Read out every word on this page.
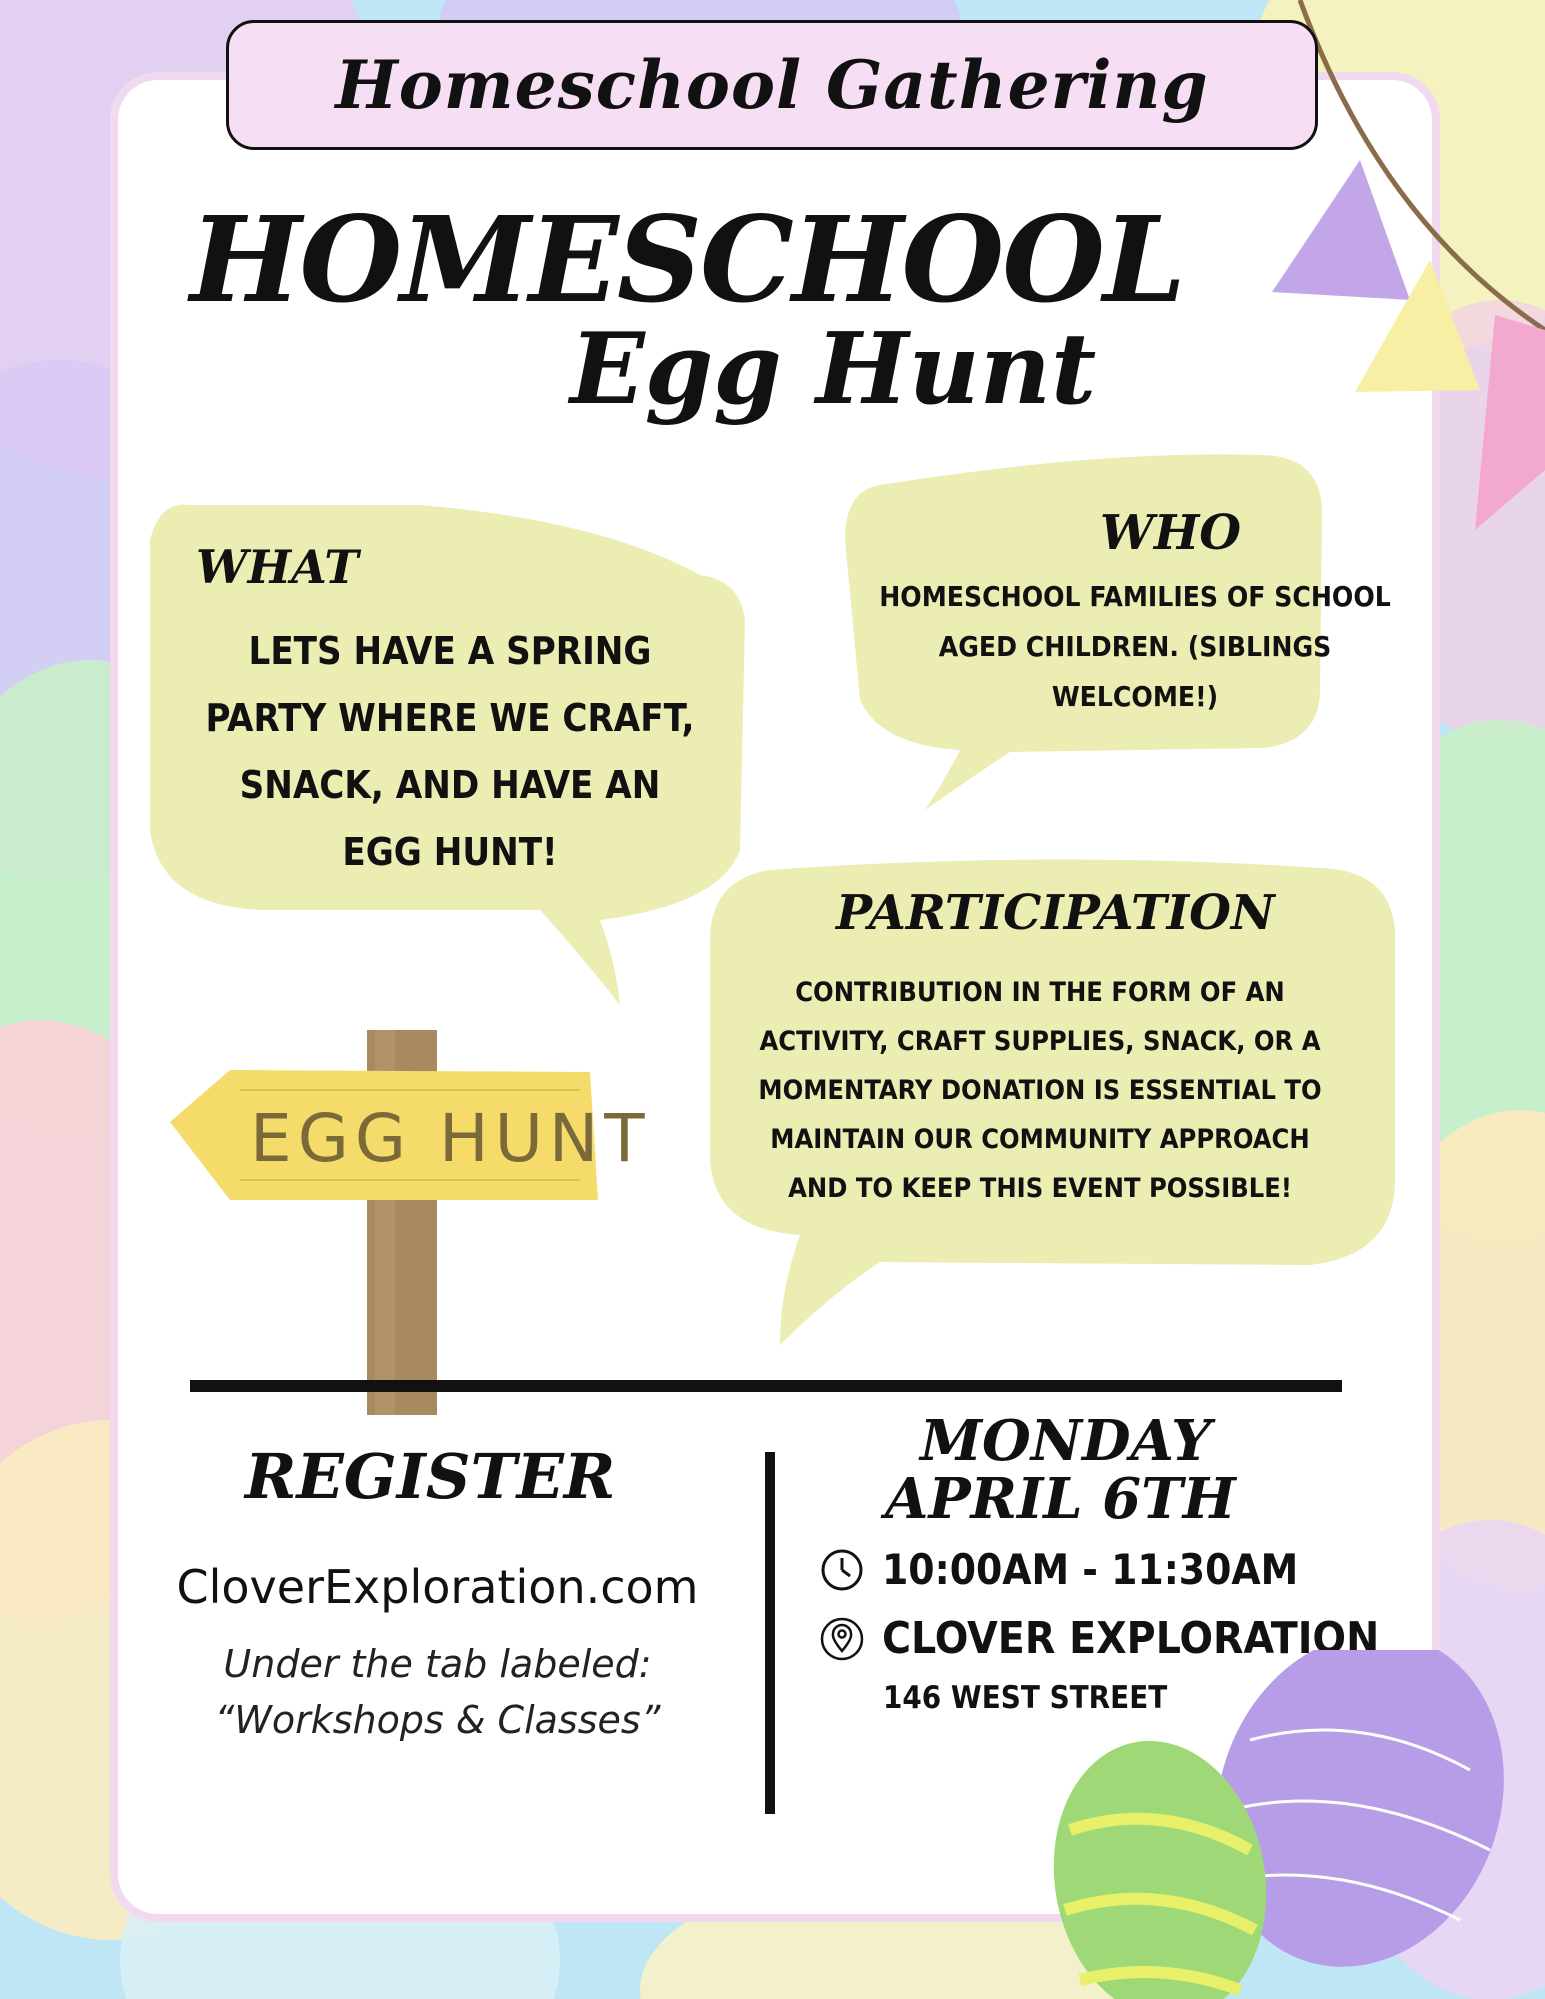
Homeschool Gathering
HOMESCHOOL
Egg Hunt
WHAT
LETS HAVE A SPRING PARTY WHERE WE CRAFT, SNACK, AND HAVE AN EGG HUNT!
WHO
HOMESCHOOL FAMILIES OF SCHOOL AGED CHILDREN. (SIBLINGS WELCOME!)
PARTICIPATION
CONTRIBUTION IN THE FORM OF AN ACTIVITY, CRAFT SUPPLIES, SNACK, OR A MOMENTARY DONATION IS ESSENTIAL TO MAINTAIN OUR COMMUNITY APPROACH AND TO KEEP THIS EVENT POSSIBLE!
EGG HUNT
REGISTER
CloverExploration.com
Under the tab labeled:
“Workshops & Classes”
MONDAY
APRIL 6TH
10:00AM - 11:30AM
CLOVER EXPLORATION
146 WEST STREET
